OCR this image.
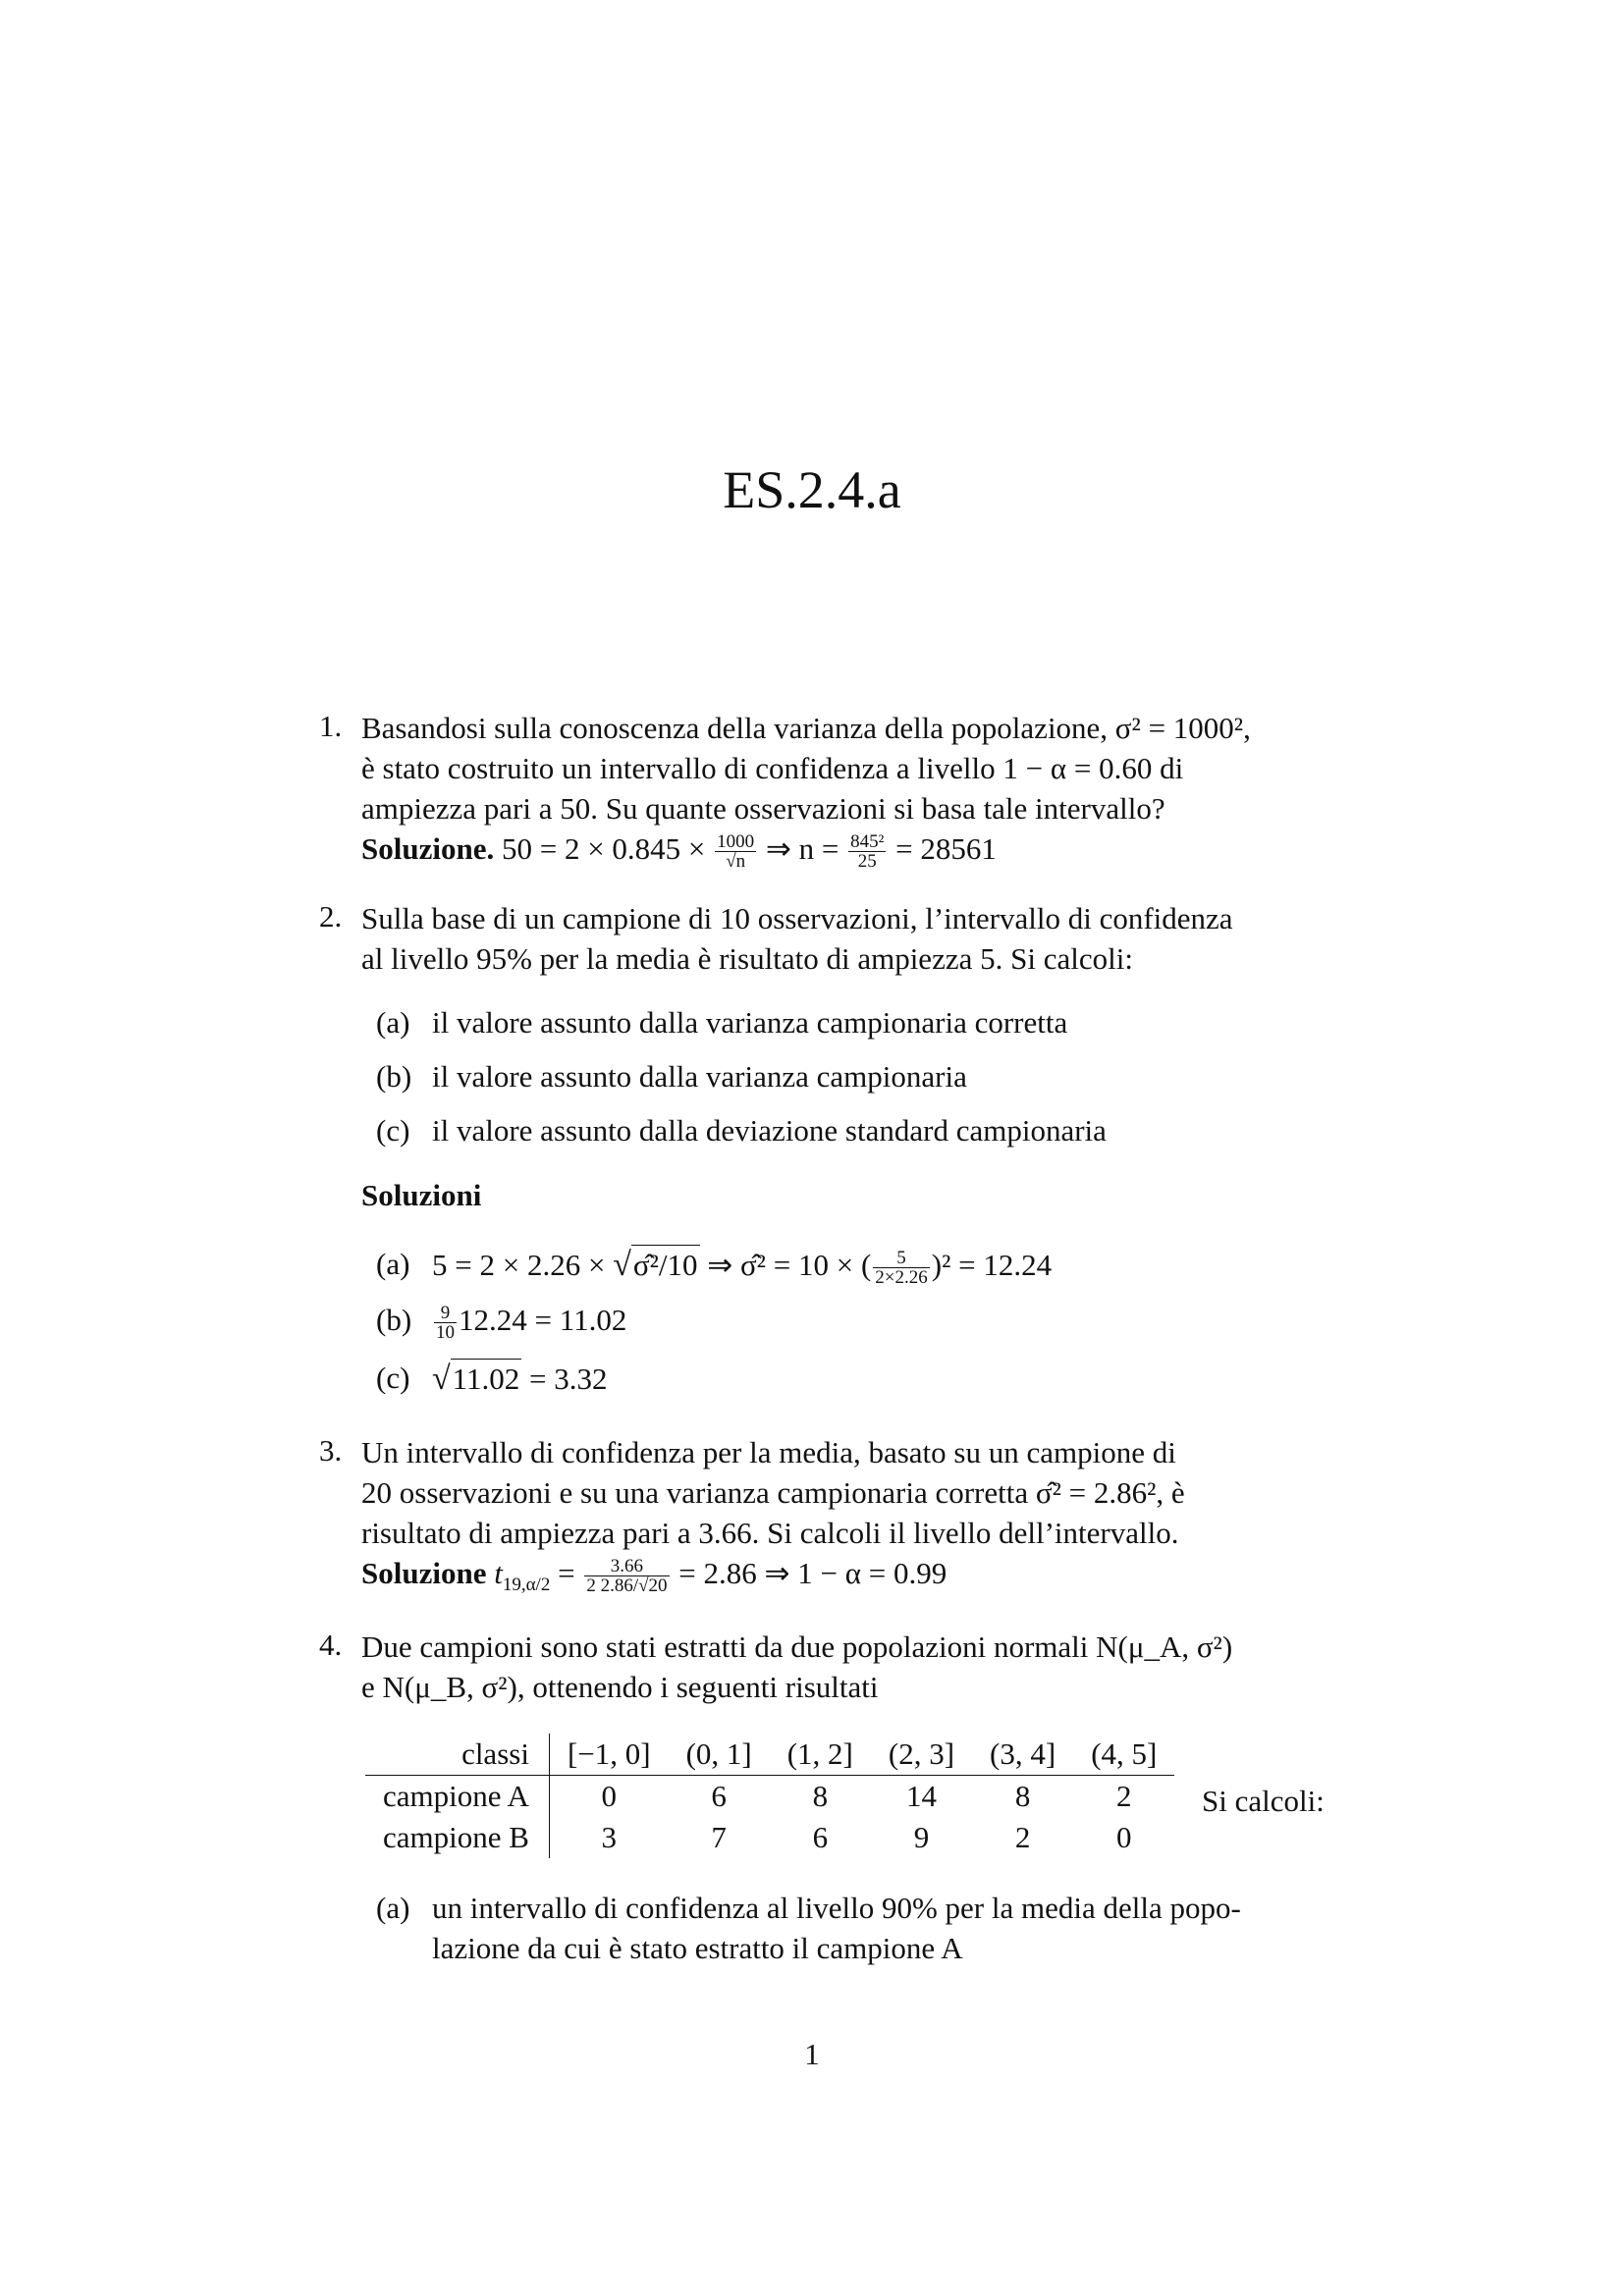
ES.2.4.a
1. Basandosi sulla conoscenza della varianza della popolazione, σ² = 1000²,
è stato costruito un intervallo di confidenza a livello 1 − α = 0.60 di
ampiezza pari a 50. Su quante osservazioni si basa tale intervallo?
Soluzione. $50 = 2 \times 0.845 \times \frac{1000}{√n}$ ⇒ $n = \frac{\text{845²}}{25} = 28561$
2. Sulla base di un campione di 10 osservazioni, l’intervallo di confidenza
al livello 95% per la media è risultato di ampiezza 5. Si calcoli:
(a) il valore assunto dalla varianza campionaria corretta
(b) il valore assunto dalla varianza campionaria
(c) il valore assunto dalla deviazione standard campionaria
Soluzioni
(a) 5 = 2 × 2.26 × √σ̂²/10 ⇒ σ̂² = 10 × ( $\frac{5}{2\times 2.26} )^2 = 12.24$
$(b) \frac{9}{10} 12.24 = 11.02$
(c) √11.02 = 3.32
3. Un intervallo di confidenza per la media, basato su un campione di
20 osservazioni e su una varianza campionaria corretta σ̂² = 2.86², è
risultato di ampiezza pari a 3.66. Si calcoli il livello dell’intervallo.
Soluzione $t_{19,\alpha/2} = \frac{3.66}{2 2.86/√20} = 2.86$ ⇒ 1 − α = 0.99
4. Due campioni sono stati estratti da due popolazioni normali N(μ_A, σ²)
e N(μ_B, σ²), ottenendo i seguenti risultati
classi	[−1, 0]	(0, 1]	(1, 2]	(2, 3]	(3, 4]	(4, 5]
campione A	0	6	8	14	8	2
campione B	3	7	6	9	2	0
Si calcoli:
(a) un intervallo di confidenza al livello 90% per la media della popo-
lazione da cui è stato estratto il campione A
1
